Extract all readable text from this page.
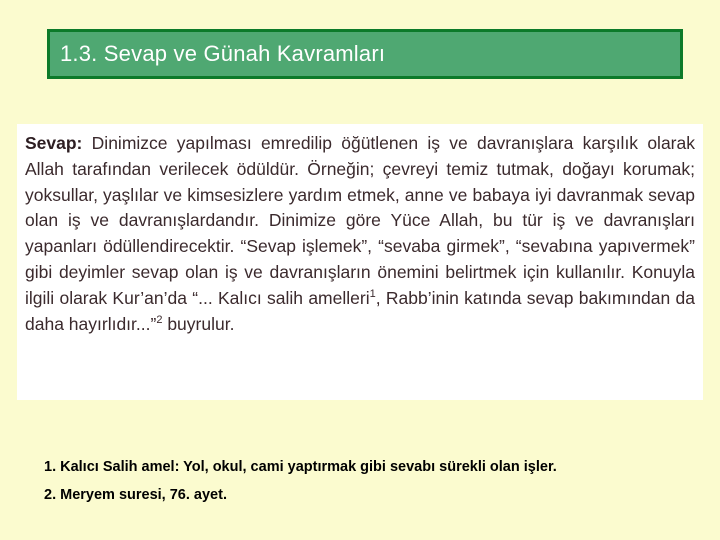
1.3. Sevap ve Günah Kavramları
Sevap: Dinimizce yapılması emredilip öğütlenen iş ve davranışlara karşılık olarak Allah tarafından verilecek ödüldür. Örneğin; çevreyi temiz tutmak, doğayı korumak; yoksullar, yaşlılar ve kimsesizlere yardım etmek, anne ve babaya iyi davranmak sevap olan iş ve davranışlardandır. Dinimize göre Yüce Allah, bu tür iş ve davranışları yapanları ödüllendirecektir. “Sevap işlemek”, “sevaba girmek”, “sevabına yapıvermek” gibi deyimler sevap olan iş ve davranışların önemini belirtmek için kullanılır. Konuyla ilgili olarak Kur’an’da “... Kalıcı salih amelleri$^1$, Rabb’inin katında sevap bakımından da daha hayırlıdır...”$^2$ buyrulur.
1. Kalıcı Salih amel: Yol, okul, cami yaptırmak gibi sevabı sürekli olan işler.
2. Meryem suresi, 76. ayet.
